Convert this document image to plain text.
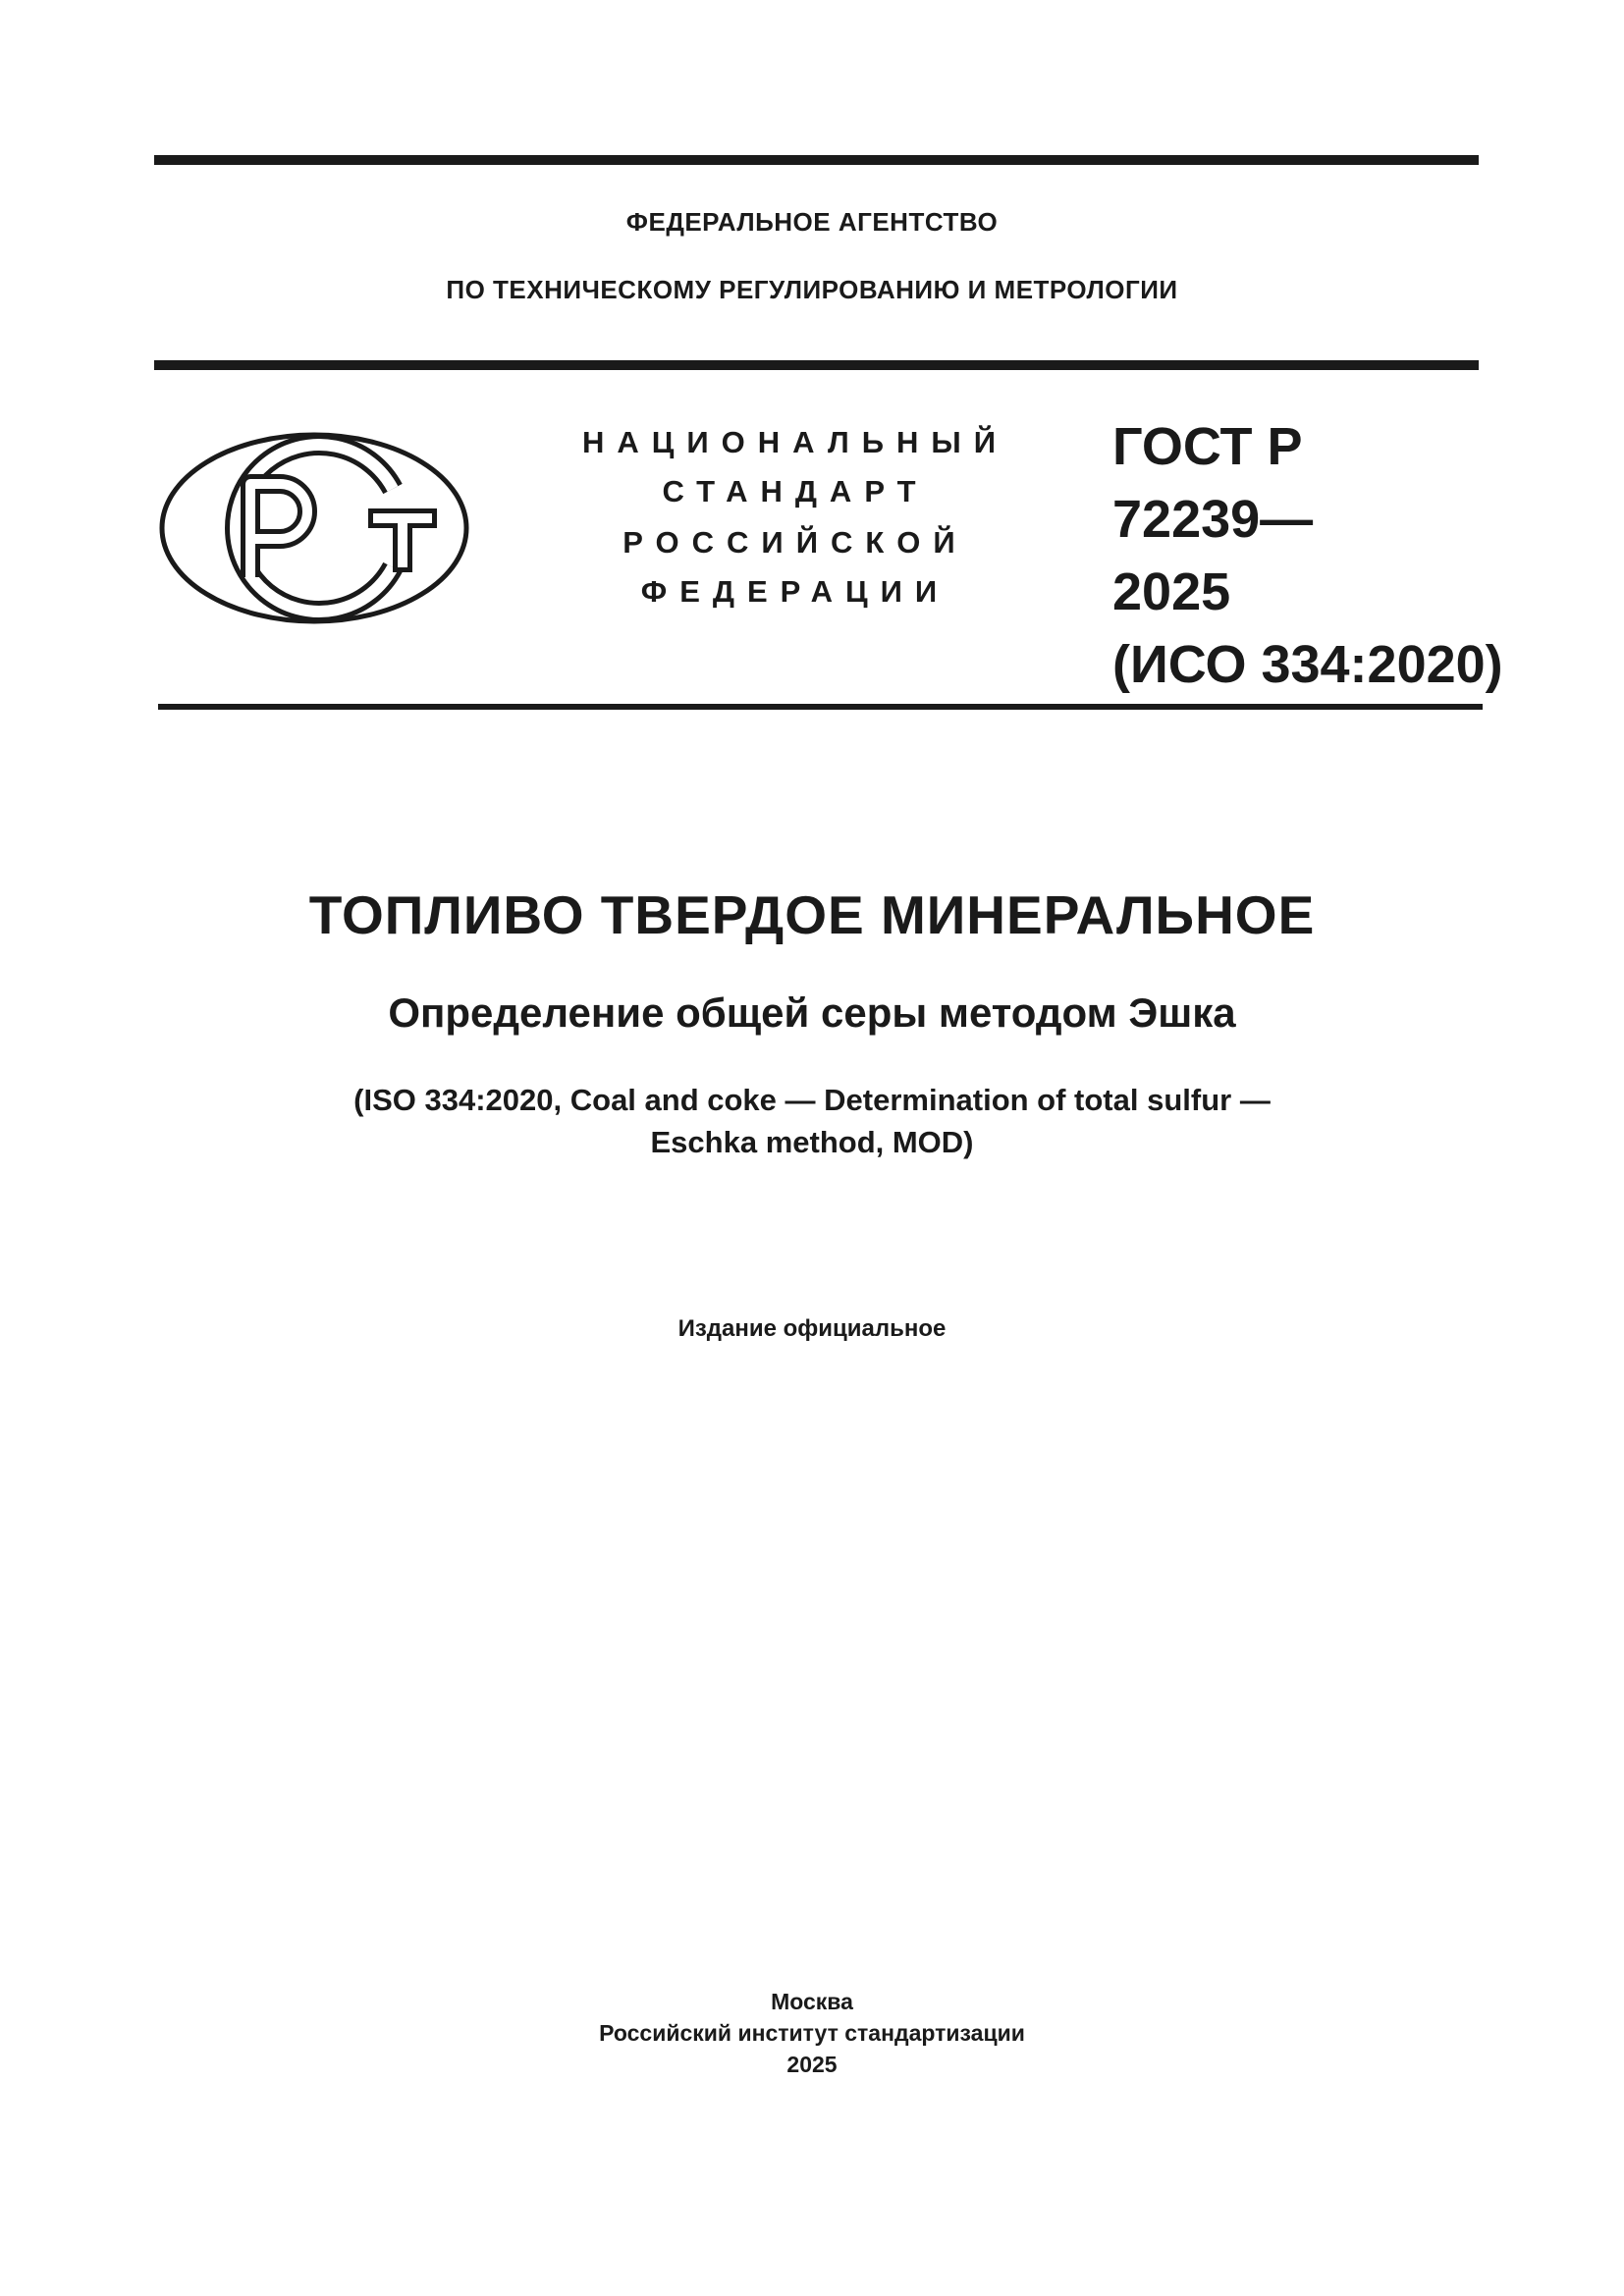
ФЕДЕРАЛЬНОЕ АГЕНТСТВО
ПО ТЕХНИЧЕСКОМУ РЕГУЛИРОВАНИЮ И МЕТРОЛОГИИ
НАЦИОНАЛЬНЫЙ
СТАНДАРТ
РОССИЙСКОЙ
ФЕДЕРАЦИИ
ГОСТ Р
72239—
2025
(ИСО 334:2020)
ТОПЛИВО ТВЕРДОЕ МИНЕРАЛЬНОЕ
Определение общей серы методом Эшка
(ISO 334:2020, Coal and coke — Determination of total sulfur —
Eschka method, MOD)
Издание официальное
Москва
Российский институт стандартизации
2025
